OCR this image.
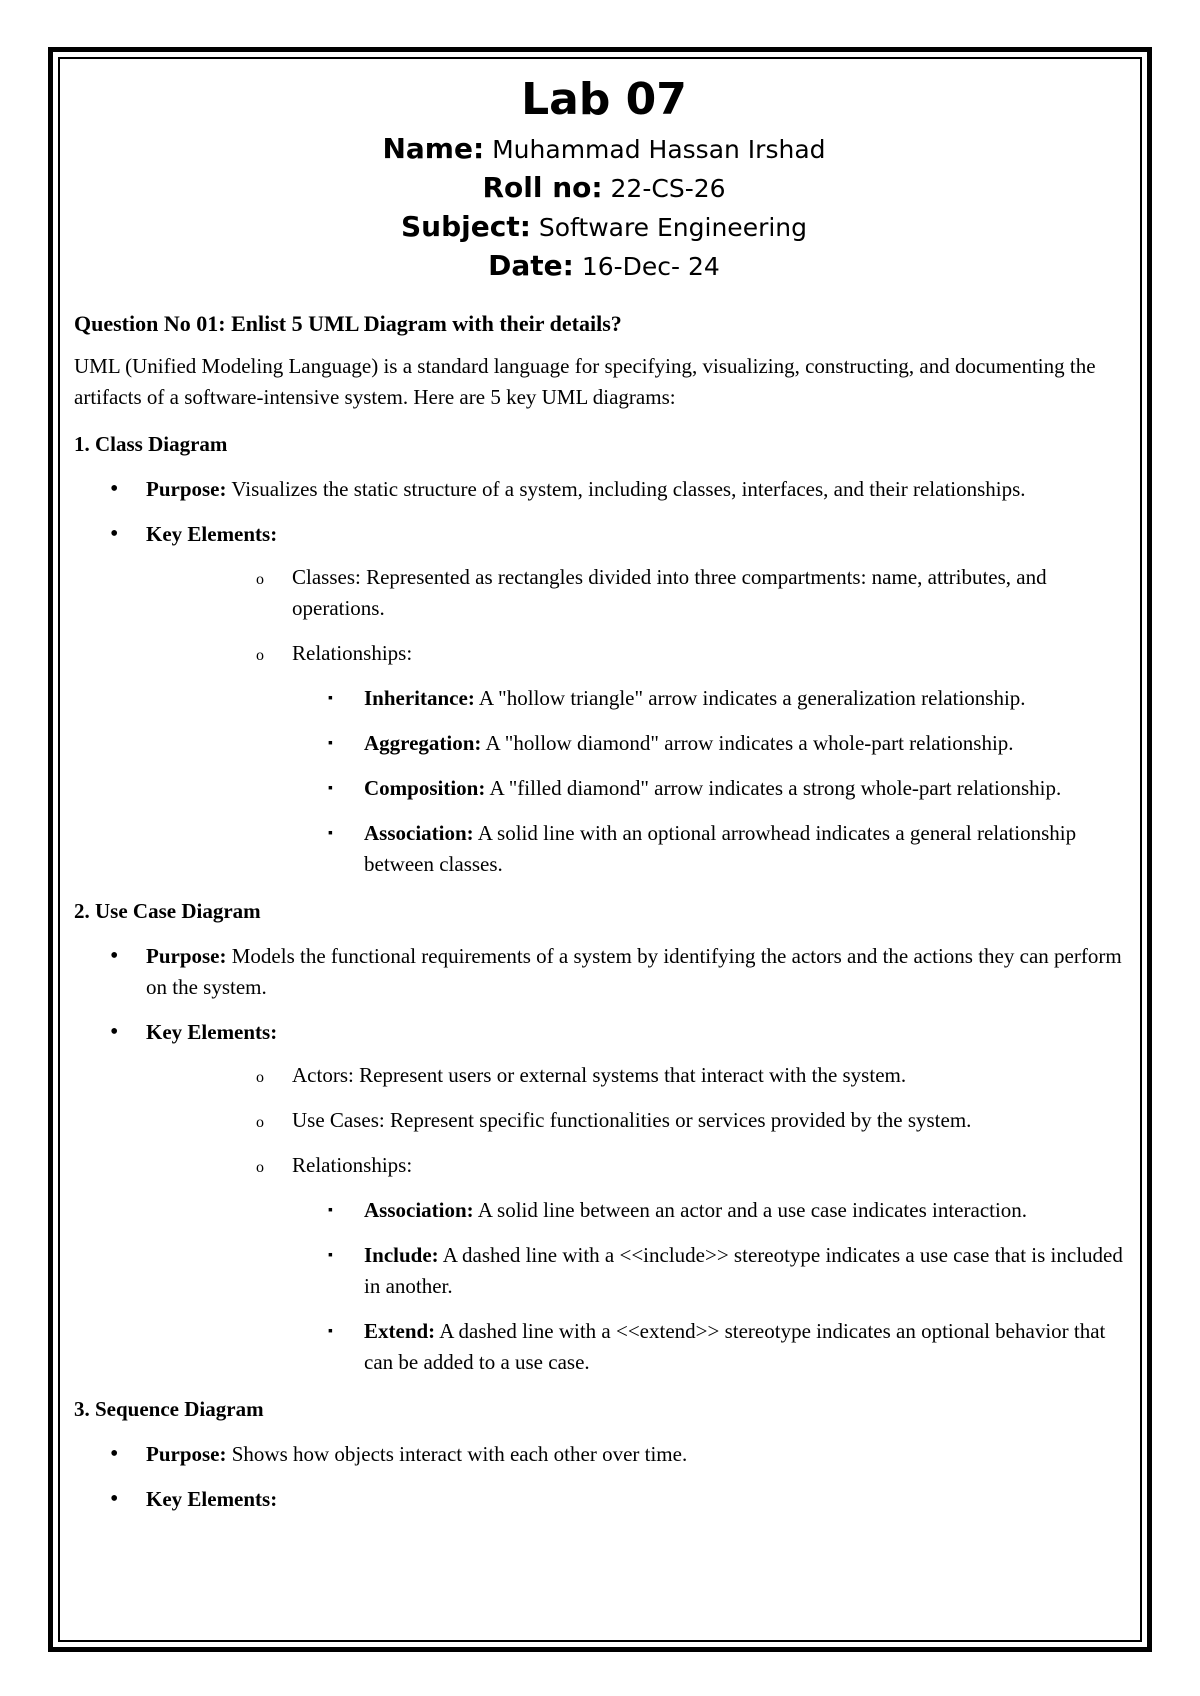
Lab 07
Name: Muhammad Hassan Irshad
Roll no: 22-CS-26
Subject: Software Engineering
Date: 16-Dec- 24
Question No 01: Enlist 5 UML Diagram with their details?
UML (Unified Modeling Language) is a standard language for specifying, visualizing, constructing, and documenting the artifacts of a software-intensive system. Here are 5 key UML diagrams:
1. Class Diagram
• Purpose: Visualizes the static structure of a system, including classes, interfaces, and their relationships.
• Key Elements:
o Classes: Represented as rectangles divided into three compartments: name, attributes, and operations.
o Relationships:
▪ Inheritance: A "hollow triangle" arrow indicates a generalization relationship.
▪ Aggregation: A "hollow diamond" arrow indicates a whole-part relationship.
▪ Composition: A "filled diamond" arrow indicates a strong whole-part relationship.
▪ Association: A solid line with an optional arrowhead indicates a general relationship between classes.
2. Use Case Diagram
• Purpose: Models the functional requirements of a system by identifying the actors and the actions they can perform on the system.
• Key Elements:
o Actors: Represent users or external systems that interact with the system.
o Use Cases: Represent specific functionalities or services provided by the system.
o Relationships:
▪ Association: A solid line between an actor and a use case indicates interaction.
▪ Include: A dashed line with a <<include>> stereotype indicates a use case that is included in another.
▪ Extend: A dashed line with a <<extend>> stereotype indicates an optional behavior that can be added to a use case.
3. Sequence Diagram
• Purpose: Shows how objects interact with each other over time.
• Key Elements:
